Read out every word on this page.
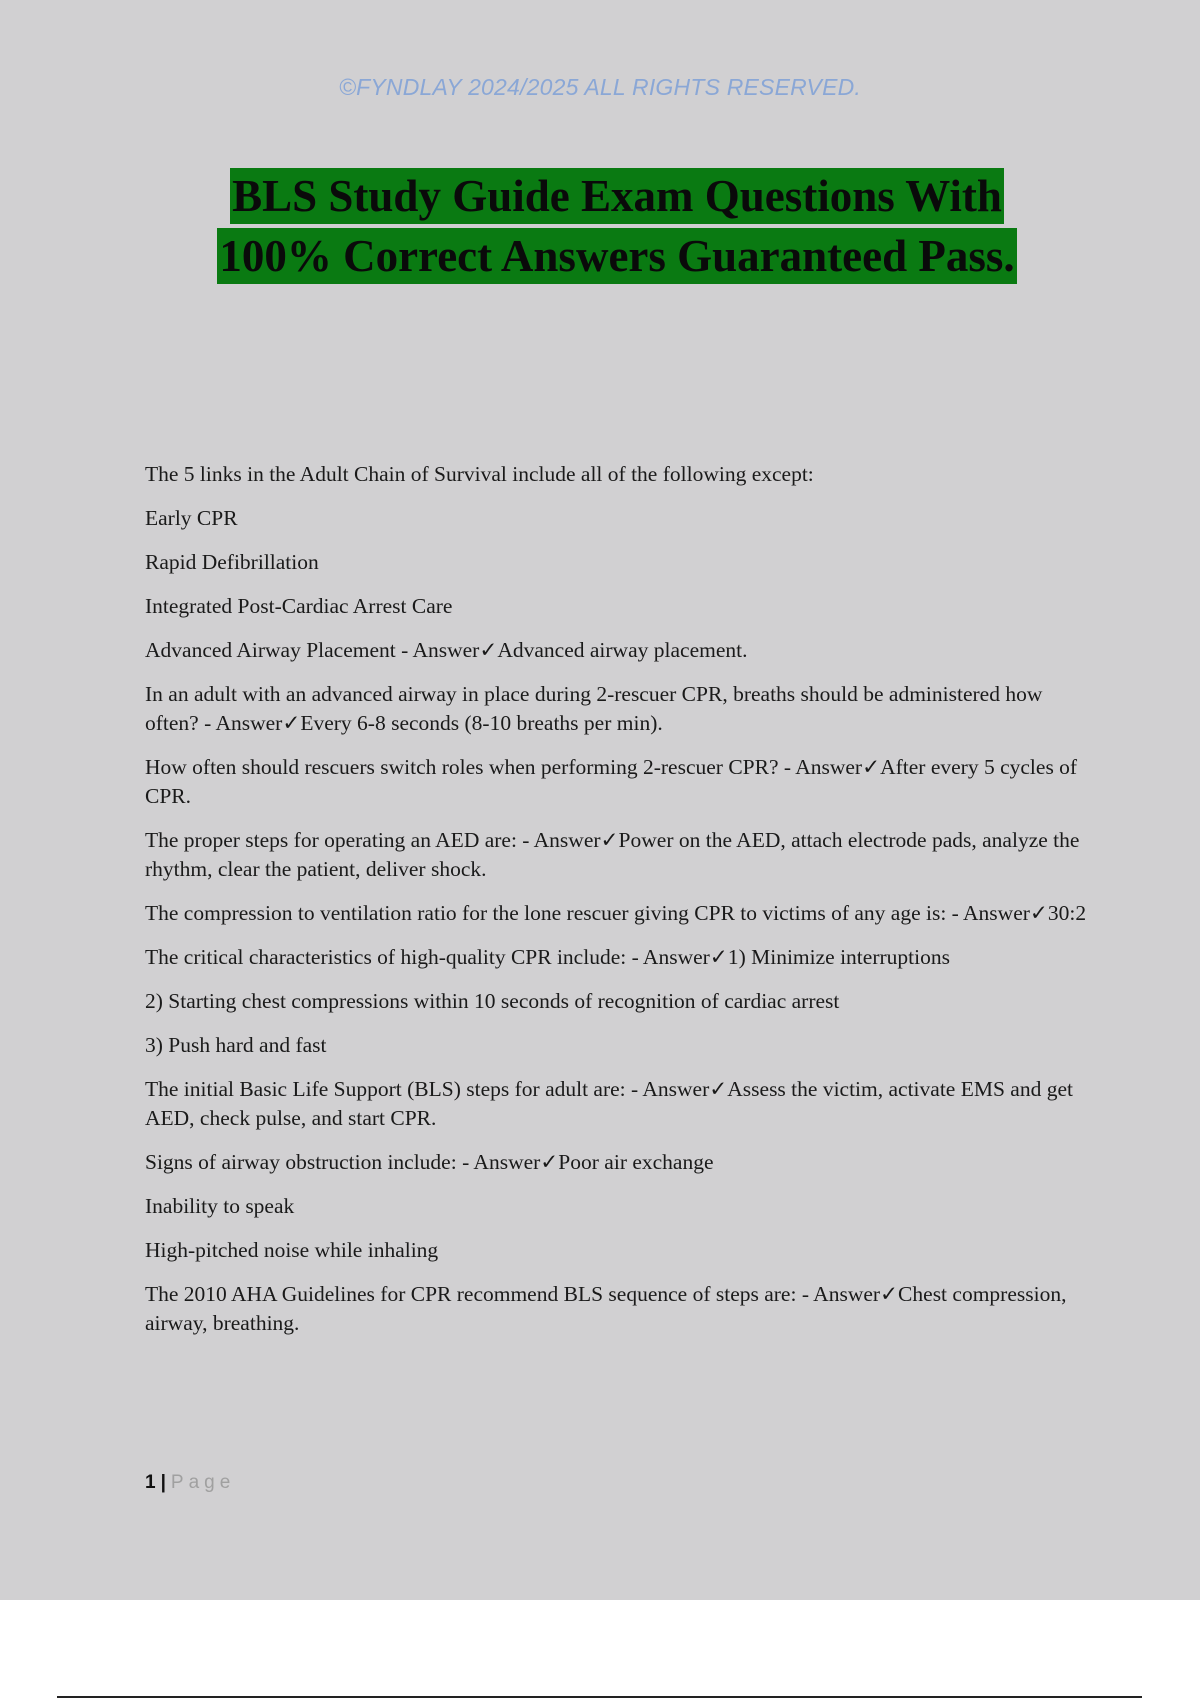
©FYNDLAY 2024/2025 ALL RIGHTS RESERVED.
BLS Study Guide Exam Questions With
100% Correct Answers Guaranteed Pass.

The 5 links in the Adult Chain of Survival include all of the following except:

Early CPR

Rapid Defibrillation

Integrated Post-Cardiac Arrest Care

Advanced Airway Placement - Answer✓Advanced airway placement.

In an adult with an advanced airway in place during 2-rescuer CPR, breaths should be administered how often? - Answer✓Every 6-8 seconds (8-10 breaths per min).

How often should rescuers switch roles when performing 2-rescuer CPR? - Answer✓After every 5 cycles of CPR.

The proper steps for operating an AED are: - Answer✓Power on the AED, attach electrode pads, analyze the rhythm, clear the patient, deliver shock.

The compression to ventilation ratio for the lone rescuer giving CPR to victims of any age is: - Answer✓30:2

The critical characteristics of high-quality CPR include: - Answer✓1) Minimize interruptions

2) Starting chest compressions within 10 seconds of recognition of cardiac arrest

3) Push hard and fast

The initial Basic Life Support (BLS) steps for adult are: - Answer✓Assess the victim, activate EMS and get AED, check pulse, and start CPR.

Signs of airway obstruction include: - Answer✓Poor air exchange

Inability to speak

High-pitched noise while inhaling

The 2010 AHA Guidelines for CPR recommend BLS sequence of steps are: - Answer✓Chest compression, airway, breathing.

1 | Page
